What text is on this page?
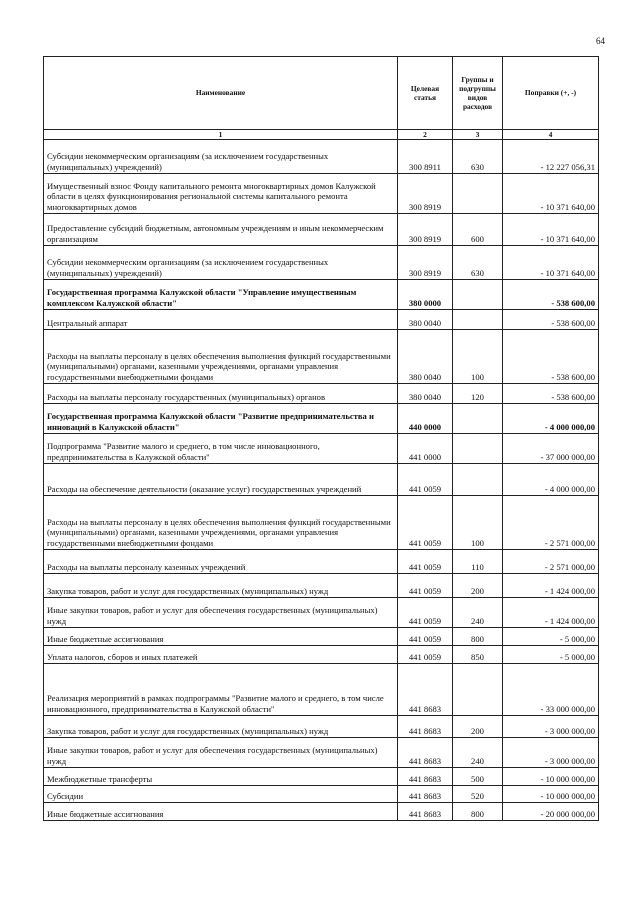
64
Наименование	Целевая статья	Группы и подгруппы видов расходов	Поправки (+, -)
1	2	3	4
Субсидии некоммерческим организациям (за исключением государственных (муниципальных) учреждений)	300 8911	630	- 12 227 056,31
Имущественный взнос Фонду капитального ремонта многоквартирных домов Калужской области в целях функционирования региональной системы капитального ремонта многоквартирных домов	300 8919		- 10 371 640,00
Предоставление субсидий бюджетным, автономным учреждениям и иным некоммерческим организациям	300 8919	600	- 10 371 640,00
Субсидии некоммерческим организациям (за исключением государственных (муниципальных) учреждений)	300 8919	630	- 10 371 640,00
Государственная программа Калужской области "Управление имущественным комплексом Калужской области"	380 0000		- 538 600,00
Центральный аппарат	380 0040		- 538 600,00
Расходы на выплаты персоналу в целях обеспечения выполнения функций государственными (муниципальными) органами, казенными учреждениями, органами управления государственными внебюджетными фондами	380 0040	100	- 538 600,00
Расходы на выплаты персоналу государственных (муниципальных) органов	380 0040	120	- 538 600,00
Государственная программа Калужской области "Развитие предпринимательства и инноваций в Калужской области"	440 0000		- 4 000 000,00
Подпрограмма "Развитие малого и среднего, в том числе инновационного, предпринимательства в Калужской области"	441 0000		- 37 000 000,00
Расходы на обеспечение деятельности (оказание услуг) государственных учреждений	441 0059		- 4 000 000,00
Расходы на выплаты персоналу в целях обеспечения выполнения функций государственными (муниципальными) органами, казенными учреждениями, органами управления государственными внебюджетными фондами	441 0059	100	- 2 571 000,00
Расходы на выплаты персоналу казенных учреждений	441 0059	110	- 2 571 000,00
Закупка товаров, работ и услуг для государственных (муниципальных) нужд	441 0059	200	- 1 424 000,00
Иные закупки товаров, работ и услуг для обеспечения государственных (муниципальных) нужд	441 0059	240	- 1 424 000,00
Иные бюджетные ассигнования	441 0059	800	- 5 000,00
Уплата налогов, сборов и иных платежей	441 0059	850	- 5 000,00
Реализация мероприятий в рамках подпрограммы "Развитие малого и среднего, в том числе инновационного, предпринимательства в Калужской области"	441 8683		- 33 000 000,00
Закупка товаров, работ и услуг для государственных (муниципальных) нужд	441 8683	200	- 3 000 000,00
Иные закупки товаров, работ и услуг для обеспечения государственных (муниципальных) нужд	441 8683	240	- 3 000 000,00
Межбюджетные трансферты	441 8683	500	- 10 000 000,00
Субсидии	441 8683	520	- 10 000 000,00
Иные бюджетные ассигнования	441 8683	800	- 20 000 000,00
